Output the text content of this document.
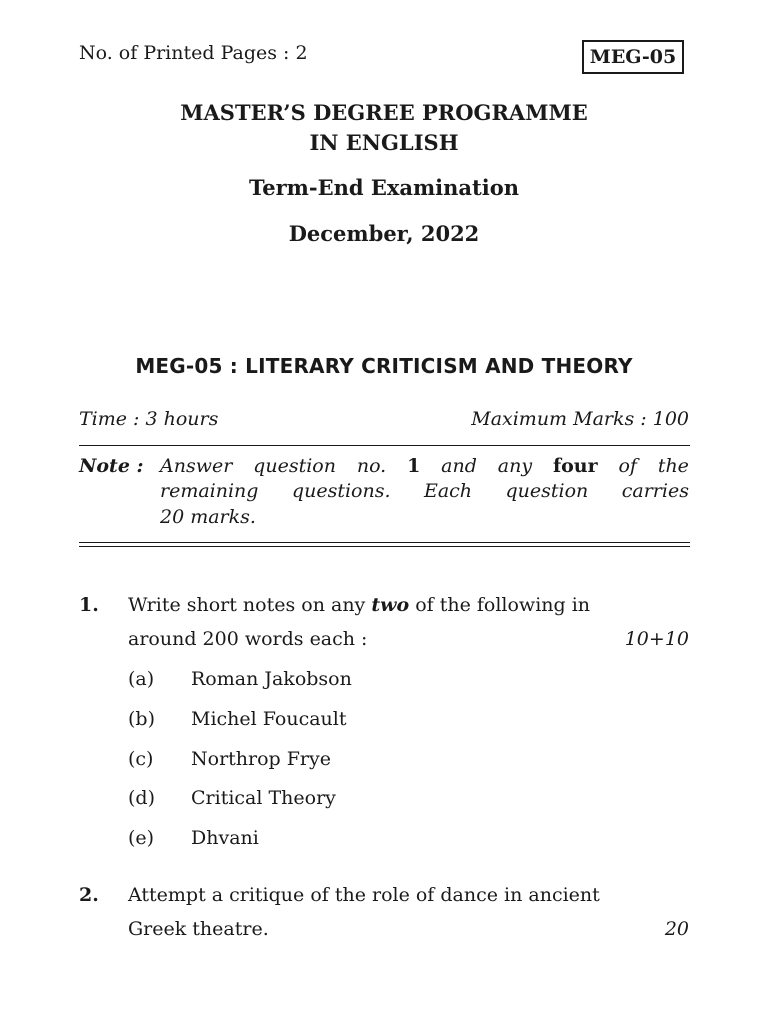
No. of Printed Pages : 2	MEG-05
MASTER’S DEGREE PROGRAMME
IN ENGLISH
Term-End Examination
December, 2022
MEG-05 : LITERARY CRITICISM AND THEORY
Time : 3 hours	Maximum Marks : 100
Note : Answer question no. 1 and any four of the
remaining questions. Each question carries
20 marks.
1. Write short notes on any two of the following in
around 200 words each :	10+10
(a) Roman Jakobson
(b) Michel Foucault
(c) Northrop Frye
(d) Critical Theory
(e) Dhvani
2. Attempt a critique of the role of dance in ancient
Greek theatre.	20
